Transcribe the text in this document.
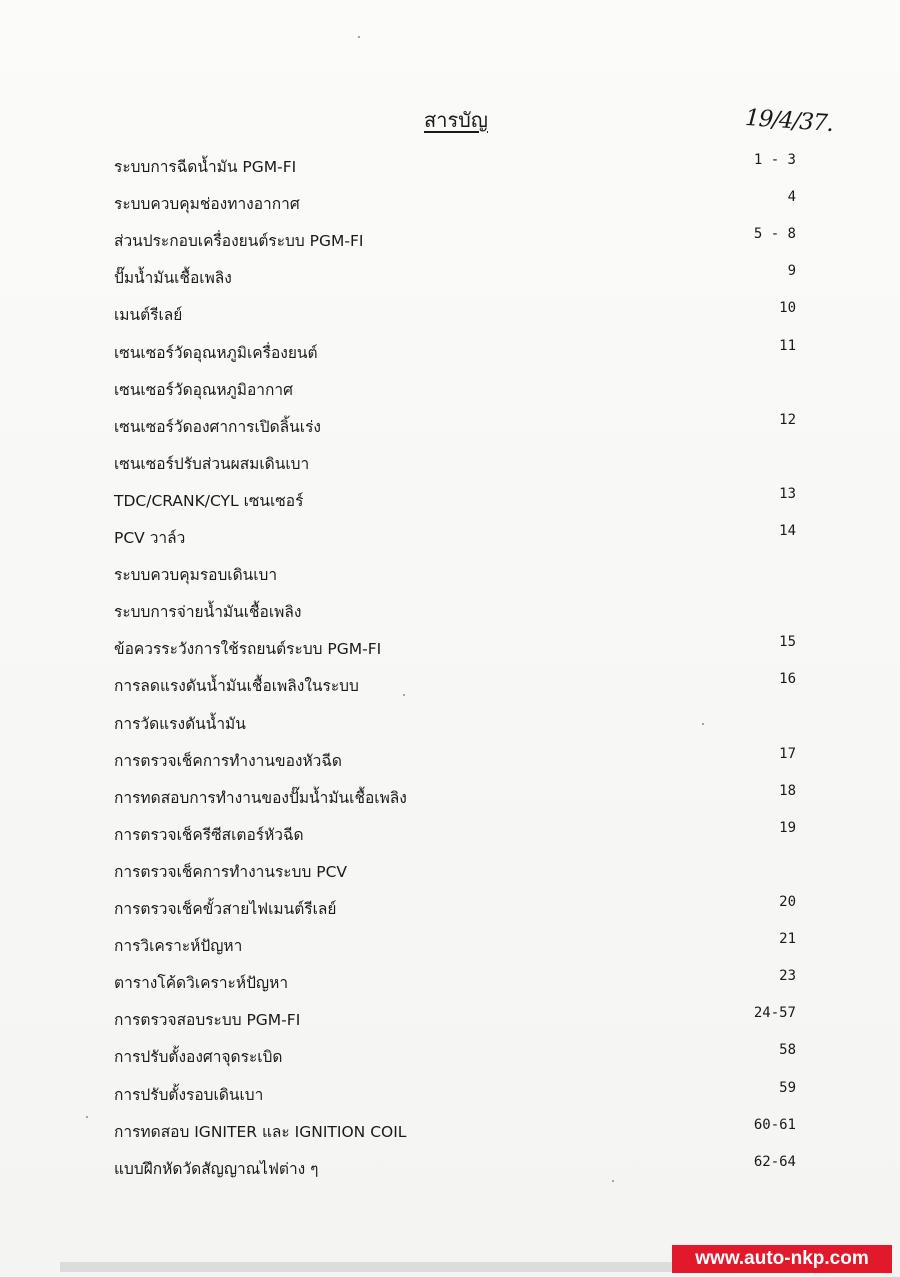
สารบัญ	19/4/37.
ระบบการฉีดน้ำมัน PGM-FI	1 - 3
ระบบควบคุมช่องทางอากาศ	4
ส่วนประกอบเครื่องยนต์ระบบ PGM-FI	5 - 8
ปั๊มน้ำมันเชื้อเพลิง	9
เมนต์รีเลย์	10
เซนเซอร์วัดอุณหภูมิเครื่องยนต์	11
เซนเซอร์วัดอุณหภูมิอากาศ
เซนเซอร์วัดองศาการเปิดลิ้นเร่ง	12
เซนเซอร์ปรับส่วนผสมเดินเบา
TDC/CRANK/CYL เซนเซอร์	13
PCV วาล์ว	14
ระบบควบคุมรอบเดินเบา
ระบบการจ่ายน้ำมันเชื้อเพลิง
ข้อควรระวังการใช้รถยนต์ระบบ PGM-FI	15
การลดแรงดันน้ำมันเชื้อเพลิงในระบบ	16
การวัดแรงดันน้ำมัน
การตรวจเช็คการทำงานของหัวฉีด	17
การทดสอบการทำงานของปั๊มน้ำมันเชื้อเพลิง	18
การตรวจเช็ครีซีสเตอร์หัวฉีด	19
การตรวจเช็คการทำงานระบบ PCV
การตรวจเช็คขั้วสายไฟเมนต์รีเลย์	20
การวิเคราะห์ปัญหา	21
ตารางโค้ดวิเคราะห์ปัญหา	23
การตรวจสอบระบบ PGM-FI	24-57
การปรับตั้งองศาจุดระเบิด	58
การปรับตั้งรอบเดินเบา	59
การทดสอบ IGNITER และ IGNITION COIL	60-61
แบบฝึกหัดวัดสัญญาณไฟต่าง ๆ	62-64
www.auto-nkp.com
